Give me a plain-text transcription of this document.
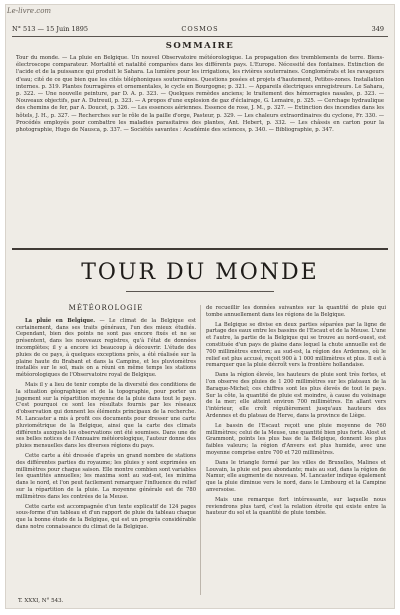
Le-livre.com
N° 513 — 15 Juin 1895	COSMOS	349
SOMMAIRE
Tour du monde. — La pluie en Belgique. Un nouvel Observatoire météorologique. La propagation des tremblements de terre. Biens-électroscope comparateur. Mortalité et natalité comparées dans les différents pays. L'Europe. Nécessité des fontaines. Extinction de l'acide et de la puissance qui produit le Sahara. La lumière pour les irrigations, les rivières souterraines. Conglomérats et les ravageurs d'eau; cité de ce que bien que les cités téléphoniques souterraines. Questions posées et projets d'hautement, Petites-zones. Installation internes. p. 319. Plantes fourragères et ornementales, le cycle en Bourgogne; p. 321. — Appareils électriques enregistreurs. Le Sahara, p. 322. — Une nouvelle peinture, par D. A. p. 323. — Quelques remèdes anciens; le traitement des hémorragies nasales, p. 323. — Nouveaux objectifs, par A. Dutreuil, p. 323. — A propos d'une explosion de gaz d'éclairage, G. Lemaire, p. 325. — Cerchage hydraulique des chemins de fer, par A. Doucet, p. 326. — Les essences aériennes. Essence de rose, J. M., p. 327. — Extinction des incendies dans les hôtels, J. H., p. 327. — Recherches sur le rôle de la paille d'orge, Pasteur, p. 329. — Les chaleurs extraordinaires du cyclone, Fr. 330. — Procédés employés pour combattre les maladies parasitaires des plantes, Ant. Hebert, p. 332. — Les châssis en carton pour la photographie, Hugo de Nausca, p. 337. — Sociétés savantes : Académie des sciences, p. 340. — Bibliographie, p. 347.
TOUR DU MONDE
MÉTÉOROLOGIE

La pluie en Belgique. — Le climat de la Belgique est certainement, dans ses traits généraux, l'un des mieux étudiés. Cependant, bien des points ne sont pas encore fixés et ne se présentent, dans les nouveaux registres, qu'à l'état de données incomplètes; il y a encore ici beaucoup à découvrir. L'étude des pluies de ce pays, à quelques exceptions près, a été réalisée sur la plaine haute du Brabant et dans la Campine, et les pluviomètres installés sur le sol, mais on a réuni en même temps les stations météorologiques de l'Observatoire royal de Belgique.

Mais il y a lieu de tenir compte de la diversité des conditions de la situation géographique et de la topographie, pour porter un jugement sur la répartition moyenne de la pluie dans tout le pays. C'est pourquoi ce sont les résultats fournis par les réseaux d'observation qui donnent les éléments principaux de la recherche. M. Lancaster a mis à profit ces documents pour dresser une carte pluviométrique de la Belgique, ainsi que la carte des climats différents auxquels les observations ont été soumises. Dans une de ses belles notices de l'Annuaire météorologique, l'auteur donne des pluies mensuelles dans les diverses régions du pays.

Cette carte a été dressée d'après un grand nombre de stations des différentes parties du royaume; les pluies y sont exprimées en millimètres pour chaque saison. Elle montre combien sont variables les quantités annuelles; les maxima sont au sud-est, les minima dans le nord, et l'on peut facilement remarquer l'influence du relief sur la répartition de la pluie. La moyenne générale est de 780 millimètres dans les contrées de la Meuse.

Cette carte est accompagnée d'un texte explicatif de 124 pages sous-forme d'un tableau et d'un rapport de pluie du tableau chaque que la bonne étude de la Belgique, qui est un progrès considérable dans notre connaissance du climat de la Belgique.

de recueillir les données suivantes sur la quantité de pluie qui tombe annuellement dans les régions de la Belgique.

La Belgique se divise en deux parties séparées par la ligne de partage des eaux entre les bassins de l'Escaut et de la Meuse. L'une et l'autre, la partie de la Belgique qui se trouve au nord-ouest, est constituée d'un pays de plaine dans lequel la chute annuelle est de 700 millimètres environ; au sud-est, la région des Ardennes, où le relief est plus accusé, reçoit 900 à 1 000 millimètres et plus. Il est à remarquer que la pluie décroît vers la frontière hollandaise.

Dans la région élevée, les hauteurs de pluie sont très fortes, et l'on observe des pluies de 1 200 millimètres sur les plateaux de la Baraque-Michel; ces chiffres sont les plus élevés de tout le pays. Sur la côte, la quantité de pluie est moindre, à cause du voisinage de la mer; elle atteint environ 700 millimètres. En allant vers l'intérieur, elle croît régulièrement jusqu'aux hauteurs des Ardennes et du plateau de Herve, dans la province de Liège.

Le bassin de l'Escaut reçoit une pluie moyenne de 760 millimètres; celui de la Meuse, une quantité bien plus forte. Alost et Grammont, points les plus bas de la Belgique, donnent les plus faibles valeurs; la région d'Anvers est plus humide, avec une moyenne comprise entre 700 et 720 millimètres.

Dans le triangle formé par les villes de Bruxelles, Malines et Louvain, la pluie est peu abondante; mais au sud, dans la région de Namur, elle augmente de nouveau. M. Lancaster indique également que la pluie diminue vers le nord, dans le Limbourg et la Campine anversoise.

Mais une remarque fort intéressante, sur laquelle nous reviendrons plus tard, c'est la relation étroite qui existe entre la hauteur du sol et la quantité de pluie tombée.

T. XXXI, N° 543.
